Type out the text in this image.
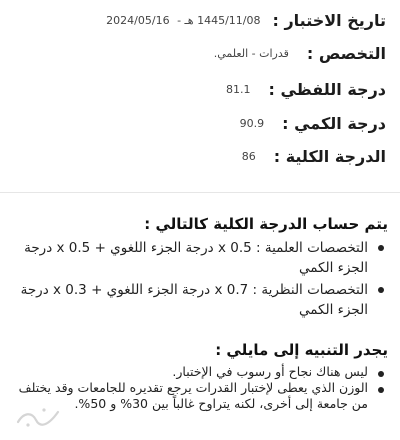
تاريخ الاختبار :
1445/11/08 هـ - 2024/05/16
التخصص :
قدرات - العلمي.
درجة اللفظي :
81.1
درجة الكمي :
90.9
الدرجة الكلية :
86
يتم حساب الدرجة الكلية كالتالي :
التخصصات العلمية : 0.5 x درجة الجزء اللغوي + 0.5 x درجة الجزء الكمي
التخصصات النظرية : 0.7 x درجة الجزء اللغوي + 0.3 x درجة الجزء الكمي
يجدر التنبيه إلى مايلي :
ليس هناك نجاح أو رسوب في الإختبار.
الوزن الذي يعطى لإختبار القدرات يرجع تقديره للجامعات وقد يختلف من جامعة إلى أخرى، لكنه يتراوح غالباً بين 30% و 50%.
